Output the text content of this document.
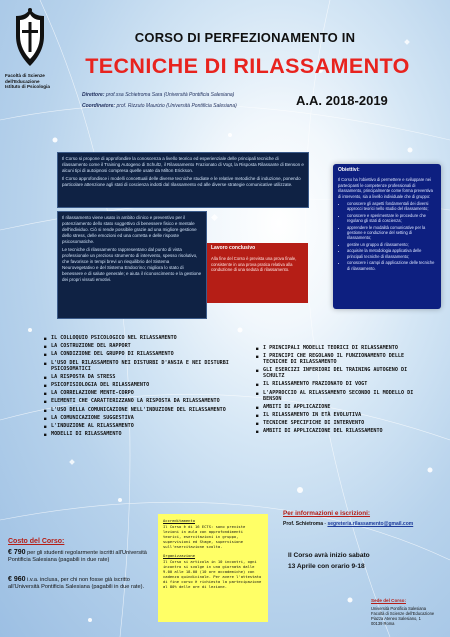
Facoltà di Scienze
dell'Educazione
Istituto di Psicologia
CORSO DI PERFEZIONAMENTO IN
TECNICHE DI RILASSAMENTO
Direttore: prof.ssa Schietroma Sara (Università Pontificia Salesiana)
Coordinatore: prof. Rizzuto Maurizio (Università Pontificia Salesiana)	A.A. 2018-2019

Il Corso si propone di approfondire la conoscenza a livello teorico ed esperienziale delle principali tecniche di rilassamento come il Training Autogeno di Schultz, il Rilassamento Frazionato di Vogt, la Risposta Rilassante di Benson e alcuni tipi di autoipnosi compresa quelle usate da Milton Erickson.

Il Corso approfondisce i modelli concettuali delle diverse tecniche studiate e le relative metodiche di induzione, ponendo particolare attenzione agli stati di coscienza indotti dal rilassamento ed alle diverse strategie comunicative utilizzate.

Il rilassamento viene usato in ambito clinico e preventivo per il potenziamento dello stato soggettivo di benessere fisico e mentale dell'individuo. Ciò si rende possibile grazie ad una migliore gestione dello stress, delle emozioni ed una corretta e delle risposte psicosomatiche.

Le tecniche di rilassamento rappresentano dal punto di vista professionale un prezioso strumento di intervento, spesso risolutivo, che favorisce in tempi brevi un riequilibrio del Sistema Neurovegetativo e del Sistema Endocrino; migliora lo stato di benessere e di salute generale; e aiuta il riconoscimento e la gestione dei propri vissuti emotivi.

Lavoro conclusivo
Alla fine del Corso è prevista una prova finale, consistente in una prova pratica relativa alla conduzione di una seduta di rilassamento.
Obiettivi:

Il Corso ha l'obiettivo di permettere e sviluppare nei partecipanti le competenze professionali di rilassamento, principalmente come forma preventiva di intervento, sia a livello individuale che di gruppo:

• conoscere gli aspetti fondamentali dei diversi approcci teorici nello studio del rilassamento;
• conoscere e sperimentare le procedure che regolano gli stati di coscienza;
• apprendere le modalità comunicative per la gestione e conduzione del setting di rilassamento;
• gestire un gruppo di rilassamento;
• acquisire la metodologia applicativa delle principali tecniche di rilassamento;
• conoscere i campi di applicazione delle tecniche di rilassamento.
■ IL COLLOQUIO PSICOLOGICO NEL RILASSAMENTO
■ LA COSTRUZIONE DEL RAPPORT
■ LA CONDIZIONE DEL GRUPPO DI RILASSAMENTO
■ L'USO DEL RILASSAMENTO NEI DISTURBI D'ANSIA E NEI DISTURBI PSICOSOMATICI
■ LA RISPOSTA DA STRESS
■ PSICOFISIOLOGIA DEL RILASSAMENTO
■ LA CORRELAZIONE MENTE-CORPO
■ ELEMENTI CHE CARATTERIZZANO LA RISPOSTA DA RILASSAMENTO
■ L'USO DELLA COMUNICAZIONE NELL'INDUZIONE DEL RILASSAMENTO
■ LA COMUNICAZIONE SUGGESTIVA
■ L'INDUZIONE AL RILASSAMENTO
■ MODELLI DI RILASSAMENTO
■ I PRINCIPALI MODELLI TEORICI DI RILASSAMENTO
■ I PRINCIPI CHE REGOLANO IL FUNZIONAMENTO DELLE TECNICHE DI RILASSAMENTO
■ GLI ESERCIZI INFERIORI DEL TRAINING AUTOGENO DI SCHULTZ
■ IL RILASSAMENTO FRAZIONATO DI VOGT
■ L'APPROCCIO AL RILASSAMENTO SECONDO IL MODELLO DI BENSON
■ AMBITI DI APPLICAZIONE
■ IL RILASSAMENTO IN ETÀ EVOLUTIVA
■ TECNICHE SPECIFICHE DI INTERVENTO
■ AMBITI DI APPLICAZIONE DEL RILASSAMENTO
Accreditamento

Il Corso è di 16 ECTS: sono previste lezioni in aula con approfondimenti teorici, esercitazioni in gruppo, supervisioni ed Stage, supervisione sull'esercitazione svolta.

Organizzazione

Il Corso si articola in 10 incontri, ogni incontro si svolge in una giornata dalle 9.00 alle 18.00 (10 ore accademiche) con cadenza quindicinale. Per avere l'attestato di fine corso è richiesta la partecipazione al 80% delle ore di lezione.

Costo del Corso:
€ 790 per gli studenti regolarmente iscritti all'Università Pontificia Salesiana (pagabili in due rate)
€ 960 i.v.a. inclusa, per chi non fosse già iscritto all'Università Pontificia Salesiana (pagabili in due rate).
Per informazioni e iscrizioni:
Prof. Schietroma - segreteria.rilassamento@gmail.com
Il Corso avrà inizio sabato
13 Aprile con orario 9-18
Sede del Corso:
Università Pontificia Salesiana
Facoltà di Scienze dell'Educazione
Piazza Ateneo Salesiano, 1
00139 Roma
